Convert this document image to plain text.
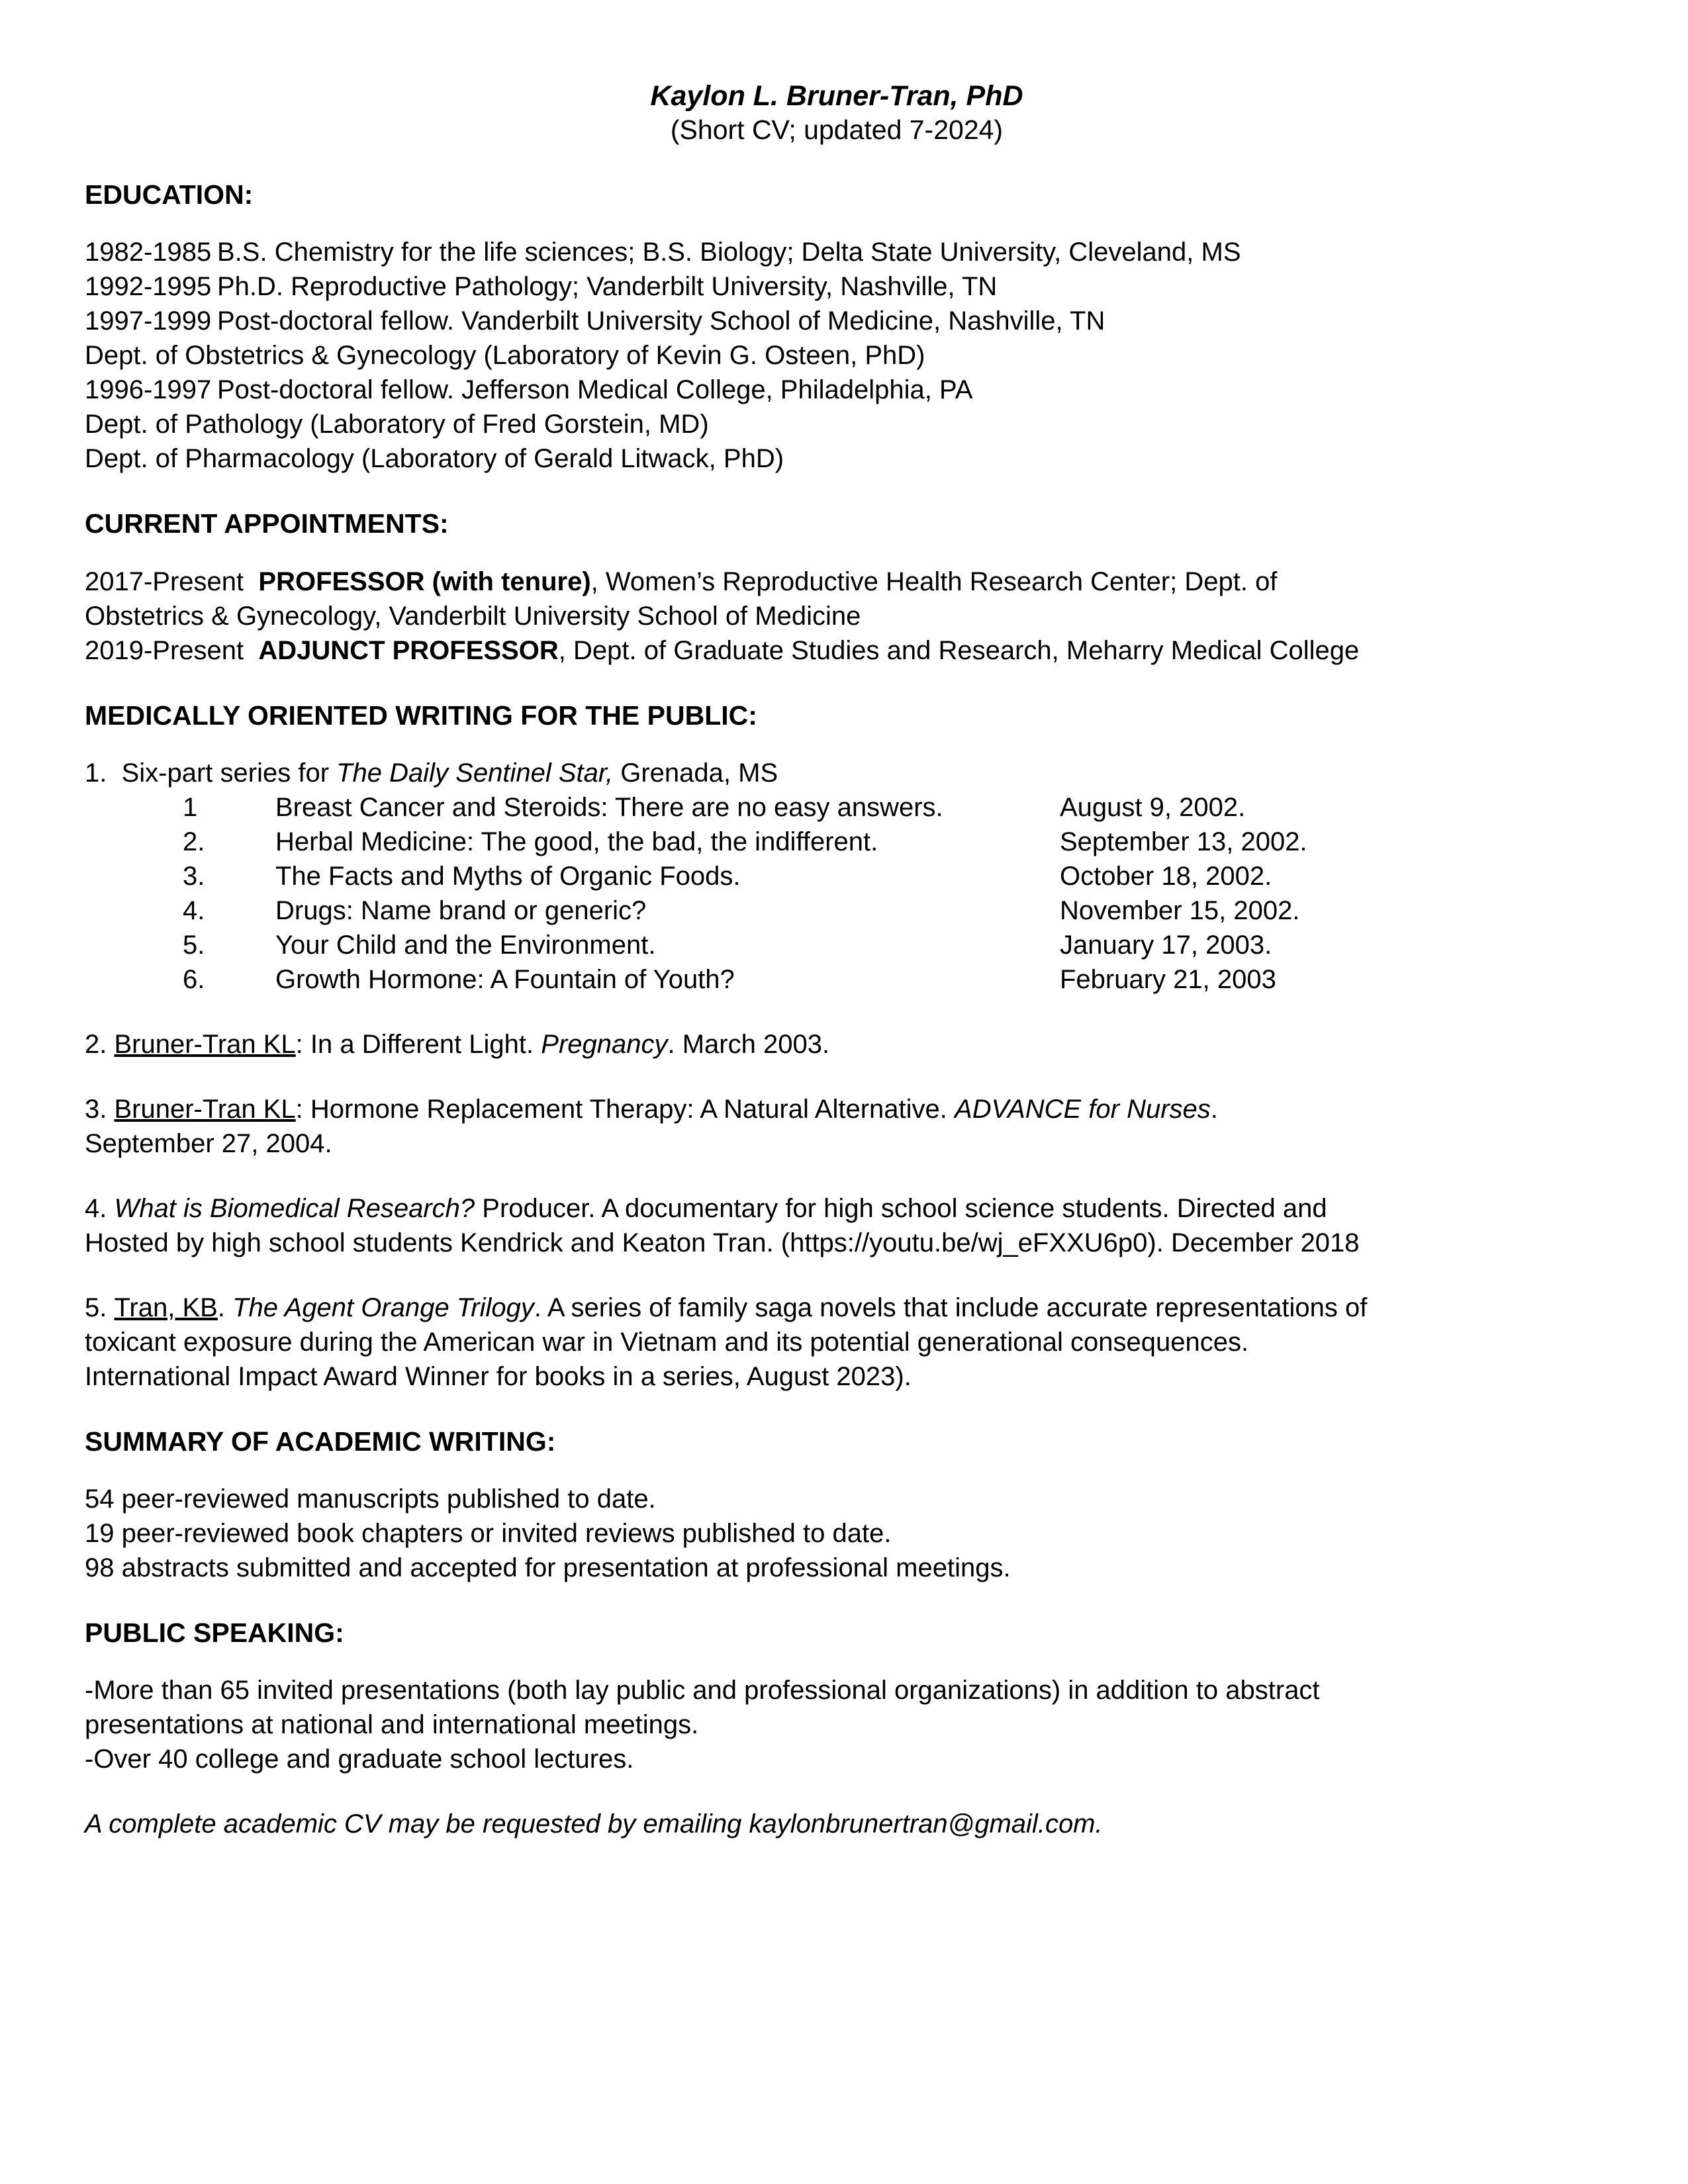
Kaylon L. Bruner-Tran, PhD
(Short CV; updated 7-2024)
EDUCATION:
1982-1985 B.S. Chemistry for the life sciences; B.S. Biology; Delta State University, Cleveland, MS
1992-1995 Ph.D. Reproductive Pathology; Vanderbilt University, Nashville, TN
1997-1999 Post-doctoral fellow. Vanderbilt University School of Medicine, Nashville, TN
Dept. of Obstetrics & Gynecology (Laboratory of Kevin G. Osteen, PhD)
1996-1997 Post-doctoral fellow. Jefferson Medical College, Philadelphia, PA
Dept. of Pathology (Laboratory of Fred Gorstein, MD)
Dept. of Pharmacology (Laboratory of Gerald Litwack, PhD)
CURRENT APPOINTMENTS:
2017-Present PROFESSOR (with tenure), Women’s Reproductive Health Research Center; Dept. of
Obstetrics & Gynecology, Vanderbilt University School of Medicine
2019-Present ADJUNCT PROFESSOR, Dept. of Graduate Studies and Research, Meharry Medical College
MEDICALLY ORIENTED WRITING FOR THE PUBLIC:
1. Six-part series for The Daily Sentinel Star, Grenada, MS
1	Breast Cancer and Steroids: There are no easy answers.	August 9, 2002.
2.	Herbal Medicine: The good, the bad, the indifferent.	September 13, 2002.
3.	The Facts and Myths of Organic Foods.	October 18, 2002.
4.	Drugs: Name brand or generic?	November 15, 2002.
5.	Your Child and the Environment.	January 17, 2003.
6.	Growth Hormone: A Fountain of Youth?	February 21, 2003
2. Bruner-Tran KL: In a Different Light. Pregnancy. March 2003.
3. Bruner-Tran KL: Hormone Replacement Therapy: A Natural Alternative. ADVANCE for Nurses.
September 27, 2004.
4. What is Biomedical Research? Producer. A documentary for high school science students. Directed and
Hosted by high school students Kendrick and Keaton Tran. (https://youtu.be/wj_eFXXU6p0). December 2018
5. Tran, KB. The Agent Orange Trilogy. A series of family saga novels that include accurate representations of
toxicant exposure during the American war in Vietnam and its potential generational consequences.
International Impact Award Winner for books in a series, August 2023).
SUMMARY OF ACADEMIC WRITING:
54 peer-reviewed manuscripts published to date.
19 peer-reviewed book chapters or invited reviews published to date.
98 abstracts submitted and accepted for presentation at professional meetings.
PUBLIC SPEAKING:
-More than 65 invited presentations (both lay public and professional organizations) in addition to abstract
presentations at national and international meetings.
-Over 40 college and graduate school lectures.
A complete academic CV may be requested by emailing kaylonbrunertran@gmail.com.
